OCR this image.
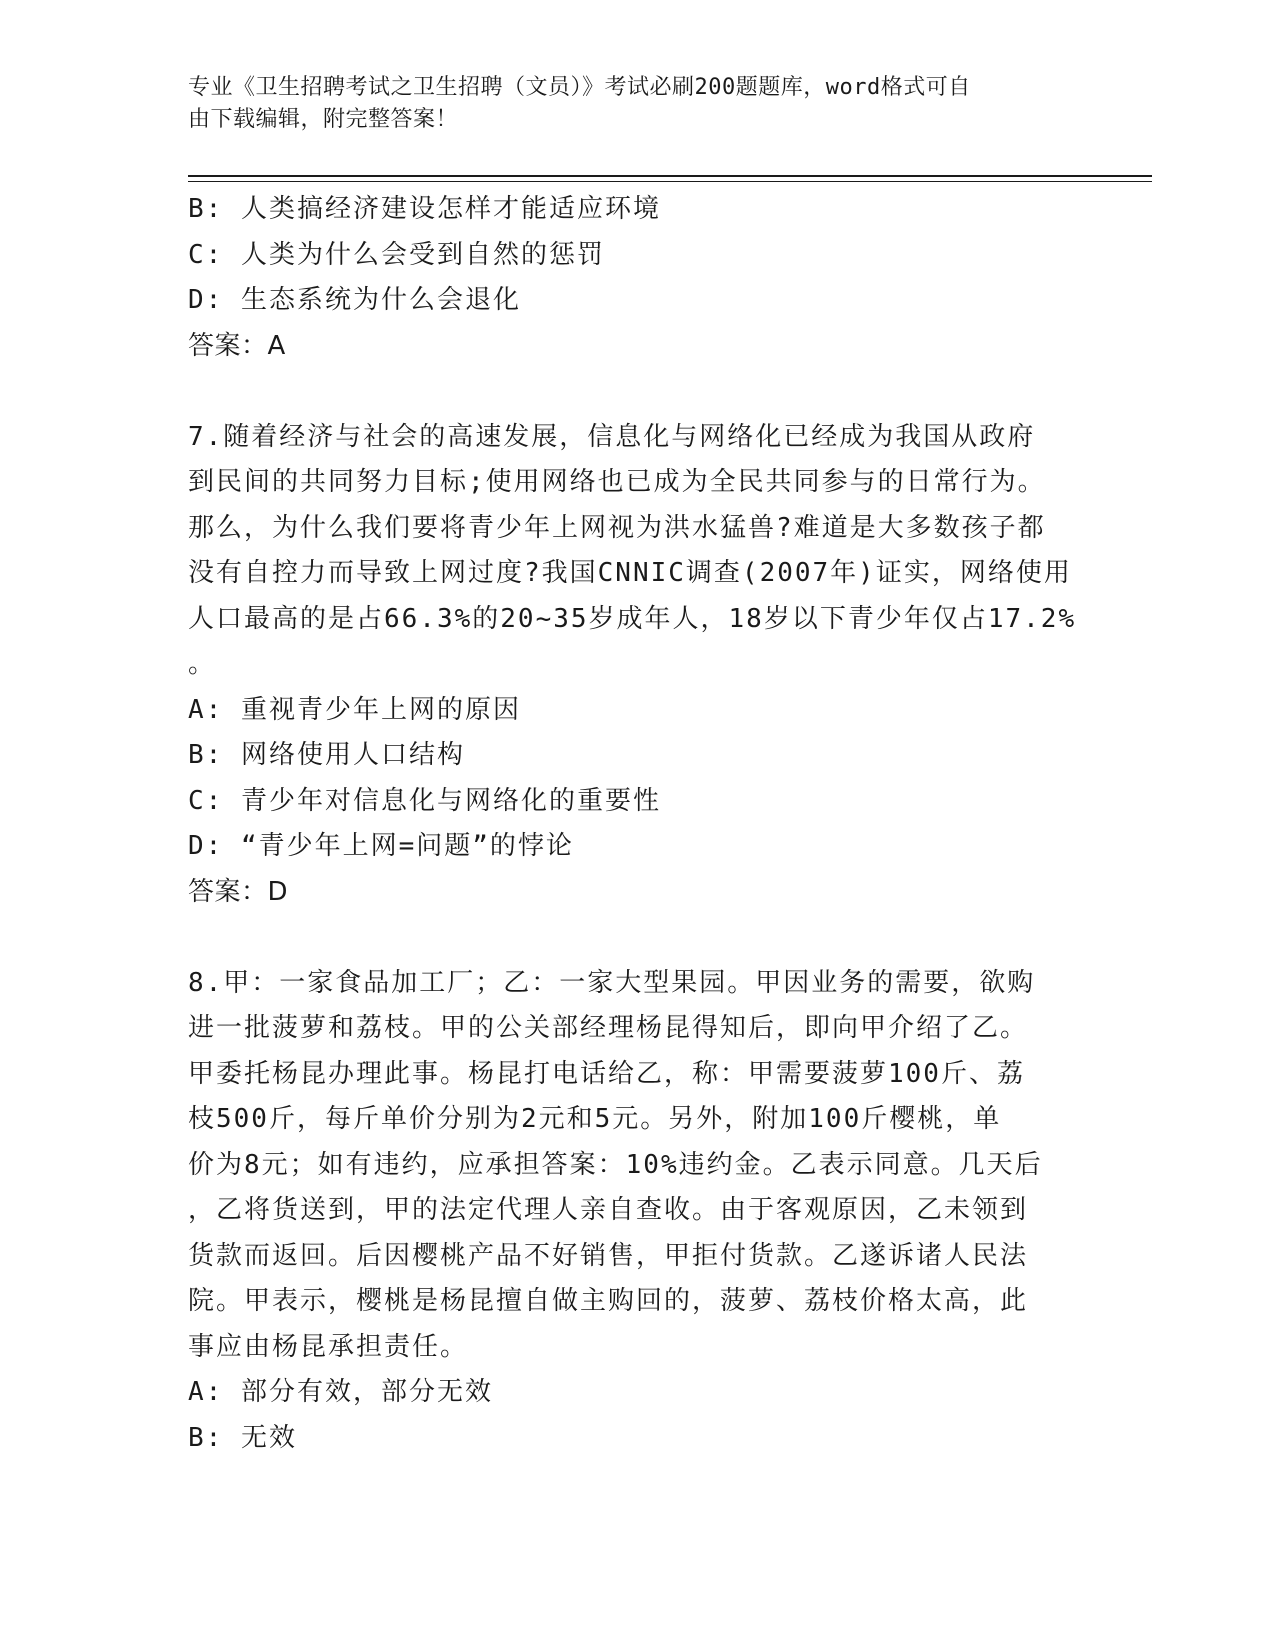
专业《卫生招聘考试之卫生招聘（文员）》考试必刷200题题库，word格式可自
由下载编辑，附完整答案！
B: 人类搞经济建设怎样才能适应环境
C: 人类为什么会受到自然的惩罚
D: 生态系统为什么会退化
答案：A
7.随着经济与社会的高速发展，信息化与网络化已经成为我国从政府
到民间的共同努力目标;使用网络也已成为全民共同参与的日常行为。
那么，为什么我们要将青少年上网视为洪水猛兽?难道是大多数孩子都
没有自控力而导致上网过度?我国CNNIC调查(2007年)证实，网络使用
人口最高的是占66.3%的20~35岁成年人，18岁以下青少年仅占17.2%
。
A: 重视青少年上网的原因
B: 网络使用人口结构
C: 青少年对信息化与网络化的重要性
D: “青少年上网=问题”的悖论
答案：D
8.甲：一家食品加工厂；乙：一家大型果园。甲因业务的需要，欲购
进一批菠萝和荔枝。甲的公关部经理杨昆得知后，即向甲介绍了乙。
甲委托杨昆办理此事。杨昆打电话给乙，称：甲需要菠萝100斤、荔
枝500斤，每斤单价分别为2元和5元。另外，附加100斤樱桃，单
价为8元；如有违约，应承担答案：10%违约金。乙表示同意。几天后
，乙将货送到，甲的法定代理人亲自查收。由于客观原因，乙未领到
货款而返回。后因樱桃产品不好销售，甲拒付货款。乙遂诉诸人民法
院。甲表示，樱桃是杨昆擅自做主购回的，菠萝、荔枝价格太高，此
事应由杨昆承担责任。
A: 部分有效，部分无效
B: 无效
